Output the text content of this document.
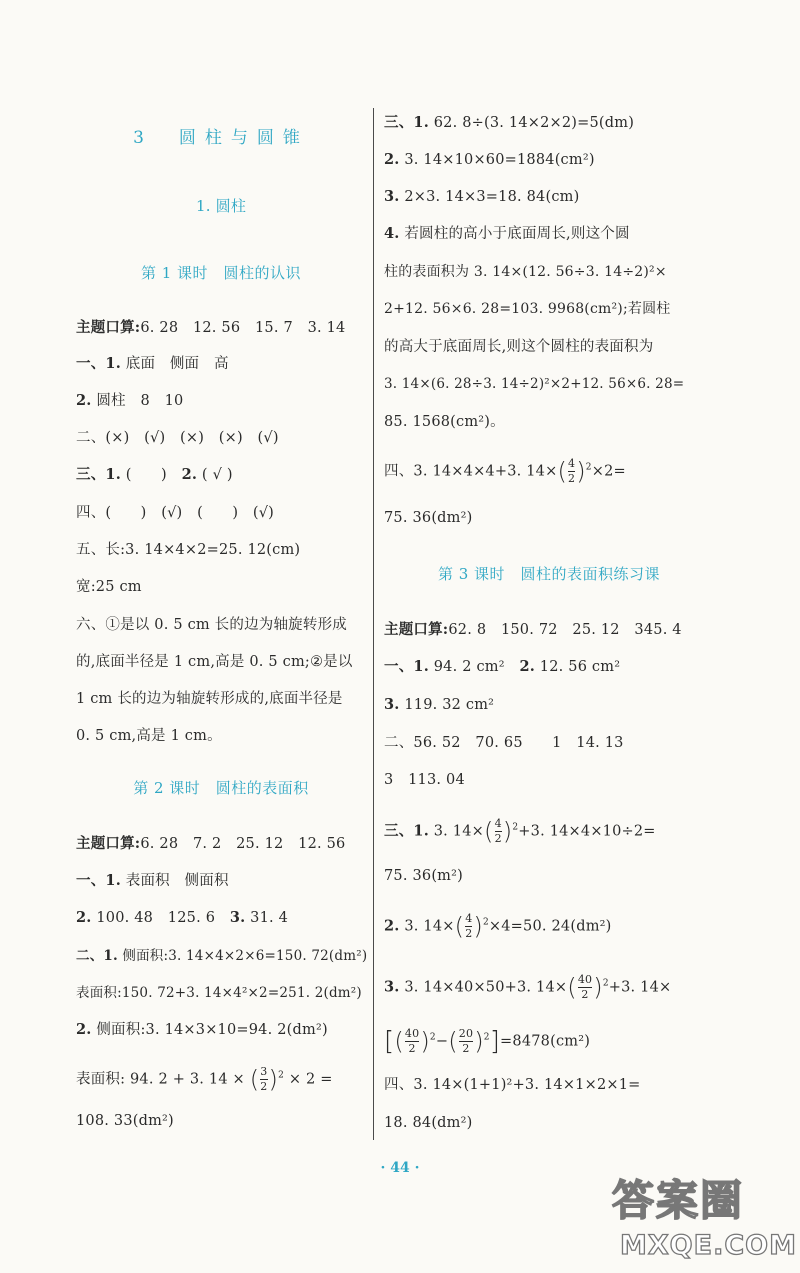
3　圆柱与圆锥
1. 圆柱
第 1 课时　圆柱的认识
主题口算:6. 28　12. 56　15. 7　3. 14
一、1. 底面　侧面　高
2. 圆柱　8　10
二、(×)　(√)　(×)　(×)　(√)
三、1. (　　)　2. ( √ )
四、(　　)　(√)　(　　)　(√)
五、长:3. 14×4×2=25. 12(cm)
宽:25 cm
六、①是以 0. 5 cm 长的边为轴旋转形成
的,底面半径是 1 cm,高是 0. 5 cm;②是以
1 cm 长的边为轴旋转形成的,底面半径是
0. 5 cm,高是 1 cm。
第 2 课时　圆柱的表面积
主题口算:6. 28　7. 2　25. 12　12. 56
一、1. 表面积　侧面积
2. 100. 48　125. 6　3. 31. 4
二、1. 侧面积:3. 14×4×2×6=150. 72(dm²)
表面积:150. 72+3. 14×4²×2=251. 2(dm²)
2. 侧面积:3. 14×3×10=94. 2(dm²)
表面积: 94. 2 + 3. 14 × ( $\frac{3}{2} )^2 \times 2$ =
108. 33(dm²)
三、1. 62. 8÷(3. 14×2×2)=5(dm)
2. 3. 14×10×60=1884(cm²)
3. 2×3. 14×3=18. 84(cm)
4. 若圆柱的高小于底面周长,则这个圆
柱的表面积为 3. 14×(12. 56÷3. 14÷2)²×
2+12. 56×6. 28=103. 9968(cm²);若圆柱
的高大于底面周长,则这个圆柱的表面积为
3. 14×(6. 28÷3. 14÷2)²×2+12. 56×6. 28=
85. 1568(cm²)。
四、3. 14×4×4+3. $14\times( \frac{4}{2} )^2\times 2=$
75. 36(dm²)
第 3 课时　圆柱的表面积练习课
主题口算:62. 8　150. 72　25. 12　345. 4
一、1. 94. 2 cm²　2. 12. 56 cm²
3. 119. 32 cm²
二、56. 52　70. 65　　1　14. 13
3　113. 04
三、1. 3. $14\times( \frac{4}{2} )^2+3$. 14×4×10÷2=
75. 36(m²)
2. 3. $14\times( \frac{4}{2} )^2\times 4=50$. 24(dm²)
3. 3. 14×40×50+3. $14\times( \frac{40}{2} )^2+3$. 14×
[( $\frac{40}{2} )^2-( \frac{20}{2} )^2]=8478(cm^2)$
四、3. 14×(1+1)²+3. 14×1×2×1=
18. 84(dm²)
· 44 ·
答案圈
MXQE.COM
